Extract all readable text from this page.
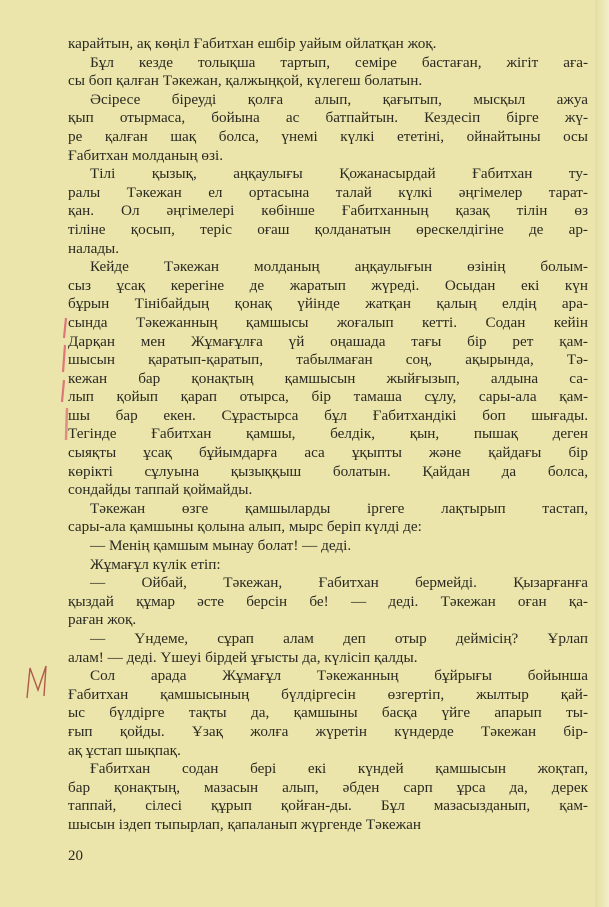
карайтын, ақ көңіл Ғабитхан ешбір уайым ойлатқан жоқ.
Бұл кезде толықша тартып, семіре бастаған, жігіт аға-
сы боп қалған Тәкежан, қалжыңқой, күлегеш болатын.
Әсіресе біреуді қолға алып, қағытып, мысқыл ажуа
қып отырмаса, бойына ас батпайтын. Кездесіп бірге жү-
ре қалған шақ болса, үнемі күлкі ететіні, ойнайтыны осы
Ғабитхан молданың өзі.
Тілі қызық, аңқаулығы Қожанасырдай Ғабитхан ту-
ралы Тәкежан ел ортасына талай күлкі әңгімелер тарат-
қан. Ол әңгімелері көбінше Ғабитханның қазақ тілін өз
тіліне қосып, теріс оғаш қолданатын өрескелдігіне де ар-
налады.
Кейде Тәкежан молданың аңқаулығын өзінің болым-
сыз ұсақ керегіне де жаратып жүреді. Осыдан екі күн
бұрын Тінібайдың қонақ үйінде жатқан қалың елдің ара-
сында Тәкежанның қамшысы жоғалып кетті. Содан кейін
Дарқан мен Жұмағұлға үй оңашада тағы бір рет қам-
шысын қаратып-қаратып, табылмаған соң, ақырында, Тә-
кежан бар қонақтың қамшысын жыйғызып, алдына са-
лып қойып қарап отырса, бір тамаша сұлу, сары-ала қам-
шы бар екен. Сұрастырса бұл Ғабитхандікі боп шығады.
Тегінде Ғабитхан қамшы, белдік, қын, пышақ деген
сыяқты ұсақ бұйымдарға аса ұқыпты және қайдағы бір
көрікті сұлуына қызыққыш болатын. Қайдан да болса,
сондайды таппай қоймайды.
Тәкежан өзге қамшыларды іргеге лақтырып тастап,
сары-ала қамшыны қолына алып, мырс беріп күлді де:
— Менің қамшым мынау болат! — деді.
Жұмағұл күлік етіп:
— Ойбай, Тәкежан, Ғабитхан бермейді. Қызарғанға
қыздай құмар әсте берсін бе! — деді. Тәкежан оған қа-
раған жоқ.
— Үндеме, сұрап алам деп отыр деймісің? Ұрлап
алам! — деді. Үшеуі бірдей ұғысты да, күлісіп қалды.
Сол арада Жұмағұл Тәкежанның бұйрығы бойынша
Ғабитхан қамшысының бүлдіргесін өзгертіп, жылтыр қай-
ыс бүлдірге тақты да, қамшыны басқа үйге апарып ты-
ғып қойды. Ұзақ жолға жүретін күндерде Тәкежан бір-
ақ ұстап шықпақ.
Ғабитхан содан бері екі күндей қамшысын жоқтап,
бар қонақтың, мазасын алып, әбден сарп ұрса да, дерек
таппай, сілесі құрып қойған-ды. Бұл мазасызданып, қам-
шысын іздеп тыпырлап, қапаланып жүргенде Тәкежан
20
